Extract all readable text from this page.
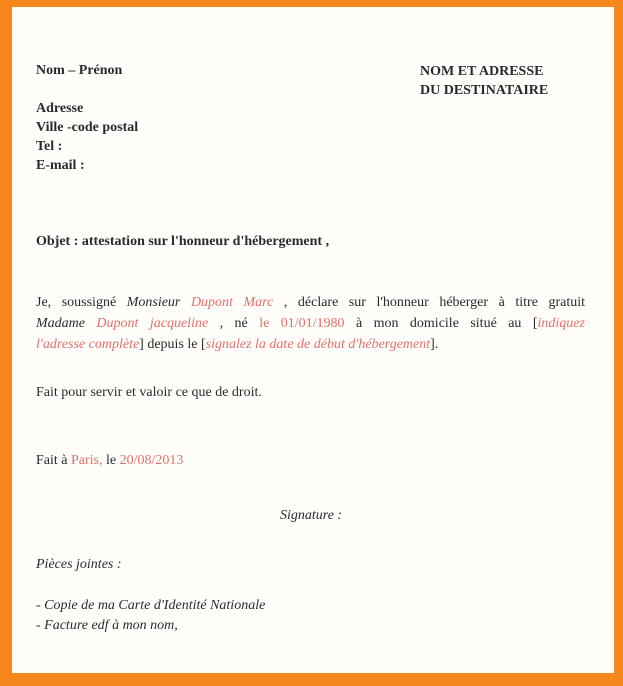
Nom – Prénon	NOM ET ADRESSE
DU DESTINATAIRE
Adresse
Ville -code postal
Tel :
E-mail :
Objet : attestation sur l'honneur d'hébergement ,
Je, soussigné Monsieur Dupont Marc , déclare sur l'honneur héberger à titre gratuit
Madame Dupont jacqueline , né le 01/01/1980 à mon domicile situé au [indiquez
l'adresse complète] depuis le [signalez la date de début d'hébergement].
Fait pour servir et valoir ce que de droit.
Fait à Paris, le 20/08/2013
Signature :
Pièces jointes :
- Copie de ma Carte d'Identité Nationale
- Facture edf à mon nom,
